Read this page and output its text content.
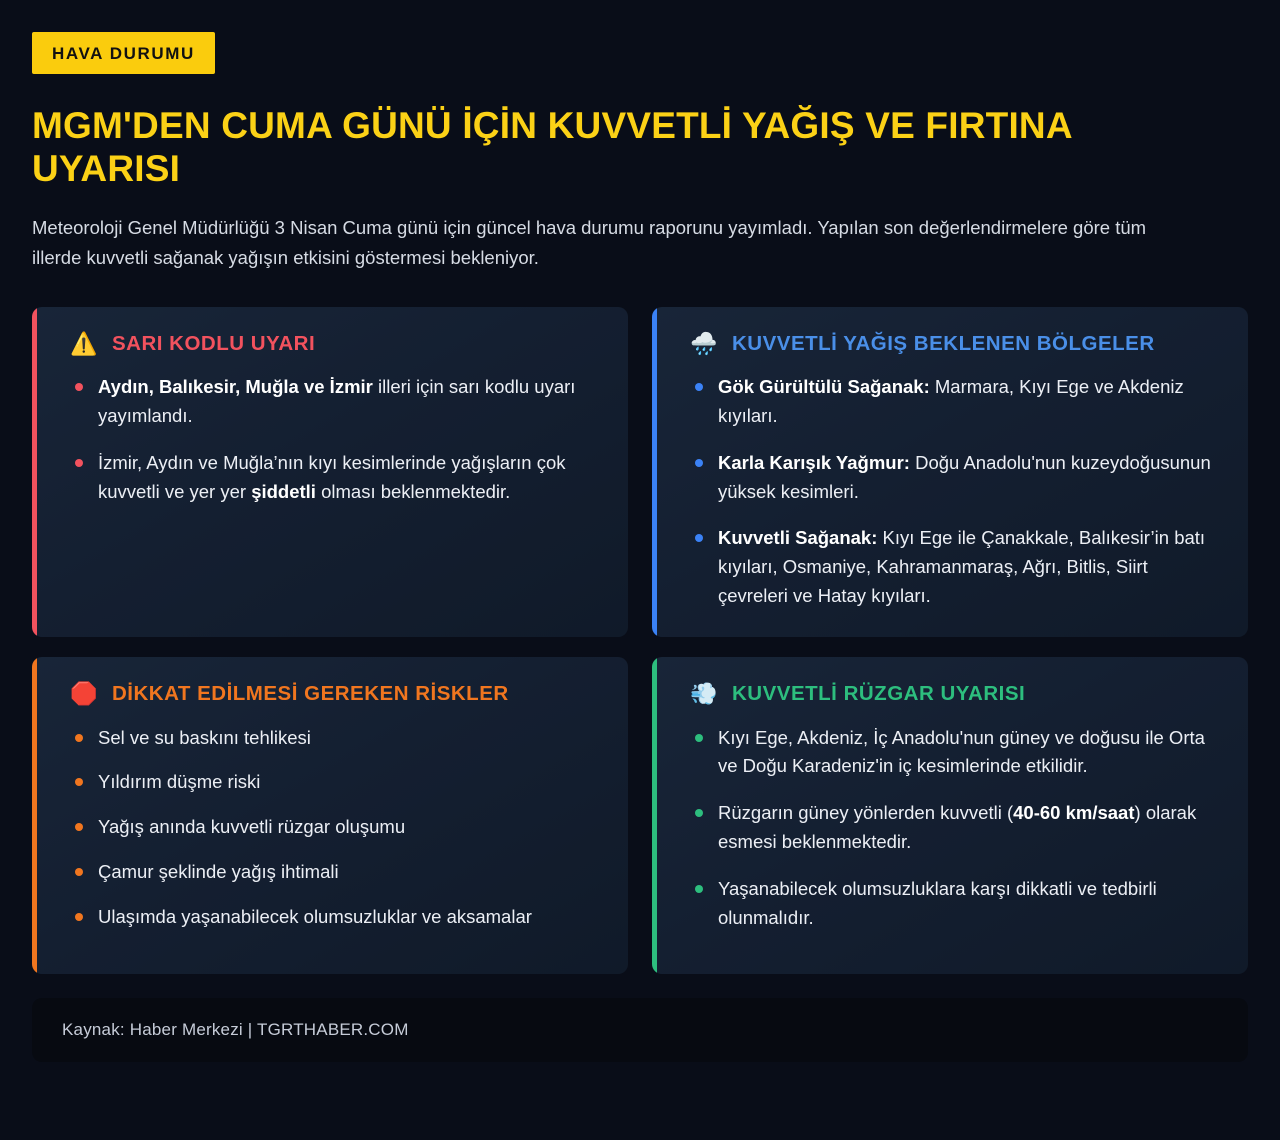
HAVA DURUMU
MGM'DEN CUMA GÜNÜ İÇİN KUVVETLİ YAĞIŞ VE FIRTINA UYARISI

Meteoroloji Genel Müdürlüğü 3 Nisan Cuma günü için güncel hava durumu raporunu yayımladı. Yapılan son değerlendirmelere göre tüm illerde kuvvetli sağanak yağışın etkisini göstermesi bekleniyor.

⚠️ SARI KODLU UYARI
Aydın, Balıkesir, Muğla ve İzmir illeri için sarı kodlu uyarı yayımlandı.
İzmir, Aydın ve Muğla’nın kıyı kesimlerinde yağışların çok kuvvetli ve yer yer şiddetli olması beklenmektedir.
🌧️ KUVVETLİ YAĞIŞ BEKLENEN BÖLGELER
Gök Gürültülü Sağanak: Marmara, Kıyı Ege ve Akdeniz kıyıları.
Karla Karışık Yağmur: Doğu Anadolu'nun kuzeydoğusunun yüksek kesimleri.
Kuvvetli Sağanak: Kıyı Ege ile Çanakkale, Balıkesir’in batı kıyıları, Osmaniye, Kahramanmaraş, Ağrı, Bitlis, Siirt çevreleri ve Hatay kıyıları.
🛑 DİKKAT EDİLMESİ GEREKEN RİSKLER
Sel ve su baskını tehlikesi
Yıldırım düşme riski
Yağış anında kuvvetli rüzgar oluşumu
Çamur şeklinde yağış ihtimali
Ulaşımda yaşanabilecek olumsuzluklar ve aksamalar
💨 KUVVETLİ RÜZGAR UYARISI
Kıyı Ege, Akdeniz, İç Anadolu'nun güney ve doğusu ile Orta ve Doğu Karadeniz'in iç kesimlerinde etkilidir.
Rüzgarın güney yönlerden kuvvetli (40-60 km/saat) olarak esmesi beklenmektedir.
Yaşanabilecek olumsuzluklara karşı dikkatli ve tedbirli olunmalıdır.
Kaynak: Haber Merkezi | TGRTHABER.COM
